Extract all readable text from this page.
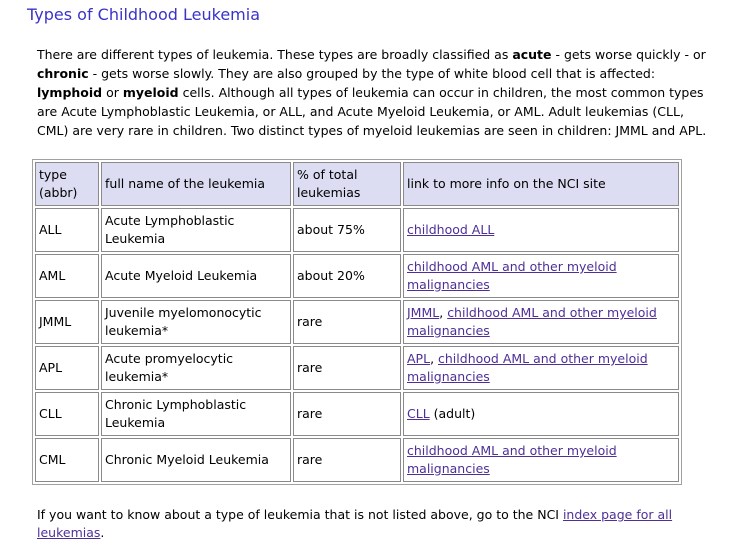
Types of Childhood Leukemia

There are different types of leukemia. These types are broadly classified as acute - gets worse quickly - or chronic - gets worse slowly. They are also grouped by the type of white blood cell that is affected: lymphoid or myeloid cells. Although all types of leukemia can occur in children, the most common types are Acute Lymphoblastic Leukemia, or ALL, and Acute Myeloid Leukemia, or AML. Adult leukemias (CLL, CML) are very rare in children. Two distinct types of myeloid leukemias are seen in children: JMML and APL.

type (abbr)	full name of the leukemia	% of total leukemias	link to more info on the NCI site
ALL	Acute Lymphoblastic Leukemia	about 75%	childhood ALL
AML	Acute Myeloid Leukemia	about 20%	childhood AML and other myeloid malignancies
JMML	Juvenile myelomonocytic leukemia*	rare	JMML, childhood AML and other myeloid malignancies
APL	Acute promyelocytic leukemia*	rare	APL, childhood AML and other myeloid malignancies
CLL	Chronic Lymphoblastic Leukemia	rare	CLL (adult)
CML	Chronic Myeloid Leukemia	rare	childhood AML and other myeloid malignancies

If you want to know about a type of leukemia that is not listed above, go to the NCI index page for all leukemias.
